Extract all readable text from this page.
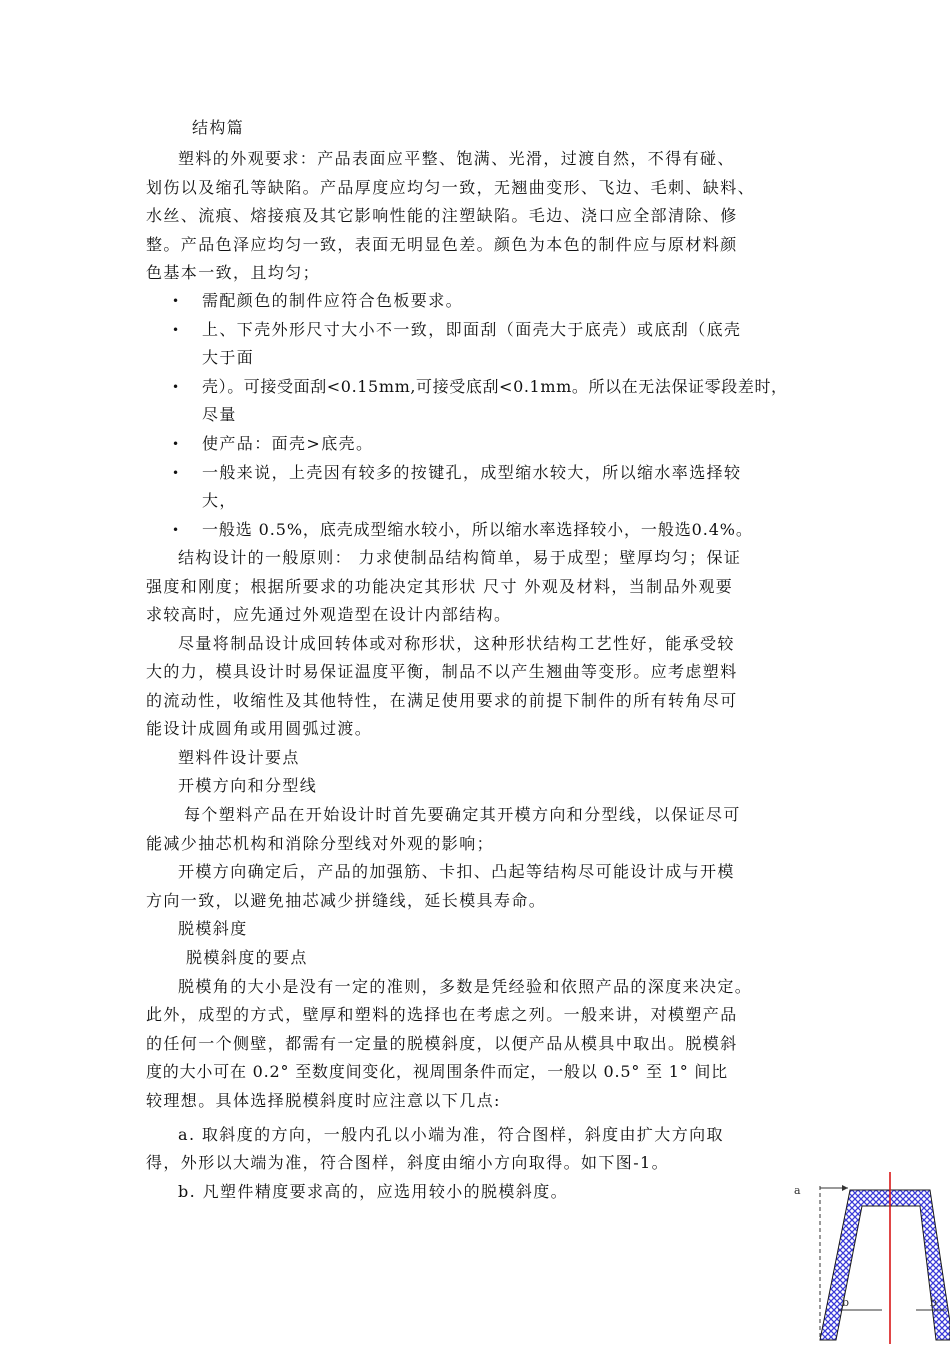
结构篇
塑料的外观要求：产品表面应平整、饱满、光滑，过渡自然，不得有碰、
划伤以及缩孔等缺陷。产品厚度应均匀一致，无翘曲变形、飞边、毛刺、缺料、
水丝、流痕、熔接痕及其它影响性能的注塑缺陷。毛边、浇口应全部清除、修
整。产品色泽应均匀一致，表面无明显色差。颜色为本色的制件应与原材料颜
色基本一致，且均匀；
• 需配颜色的制件应符合色板要求。
• 上、下壳外形尺寸大小不一致，即面刮（面壳大于底壳）或底刮（底壳
大于面
• 壳）。可接受面刮<0.15mm,可接受底刮<0.1mm。所以在无法保证零段差时，
尽量
• 使产品：面壳>底壳。
• 一般来说，上壳因有较多的按键孔，成型缩水较大，所以缩水率选择较
大，
• 一般选 0.5%，底壳成型缩水较小，所以缩水率选择较小，一般选0.4%。
结构设计的一般原则： 力求使制品结构简单，易于成型；壁厚均匀；保证
强度和刚度；根据所要求的功能决定其形状 尺寸 外观及材料，当制品外观要
求较高时，应先通过外观造型在设计内部结构。
尽量将制品设计成回转体或对称形状，这种形状结构工艺性好，能承受较
大的力，模具设计时易保证温度平衡，制品不以产生翘曲等变形。应考虑塑料
的流动性，收缩性及其他特性，在满足使用要求的前提下制件的所有转角尽可
能设计成圆角或用圆弧过渡。
塑料件设计要点
开模方向和分型线
每个塑料产品在开始设计时首先要确定其开模方向和分型线，以保证尽可
能减少抽芯机构和消除分型线对外观的影响；
开模方向确定后，产品的加强筋、卡扣、凸起等结构尽可能设计成与开模
方向一致，以避免抽芯减少拼缝线，延长模具寿命。
脱模斜度
脱模斜度的要点
脱模角的大小是没有一定的准则，多数是凭经验和依照产品的深度来决定。
此外，成型的方式，壁厚和塑料的选择也在考虑之列。一般来讲，对模塑产品
的任何一个侧壁，都需有一定量的脱模斜度，以便产品从模具中取出。脱模斜
度的大小可在 0.2° 至数度间变化，视周围条件而定，一般以 0.5° 至 1° 间比
较理想。具体选择脱模斜度时应注意以下几点:
a. 取斜度的方向，一般内孔以小端为准，符合图样，斜度由扩大方向取
得，外形以大端为准，符合图样，斜度由缩小方向取得。如下图-1。
b. 凡塑件精度要求高的，应选用较小的脱模斜度。	a
b	b
